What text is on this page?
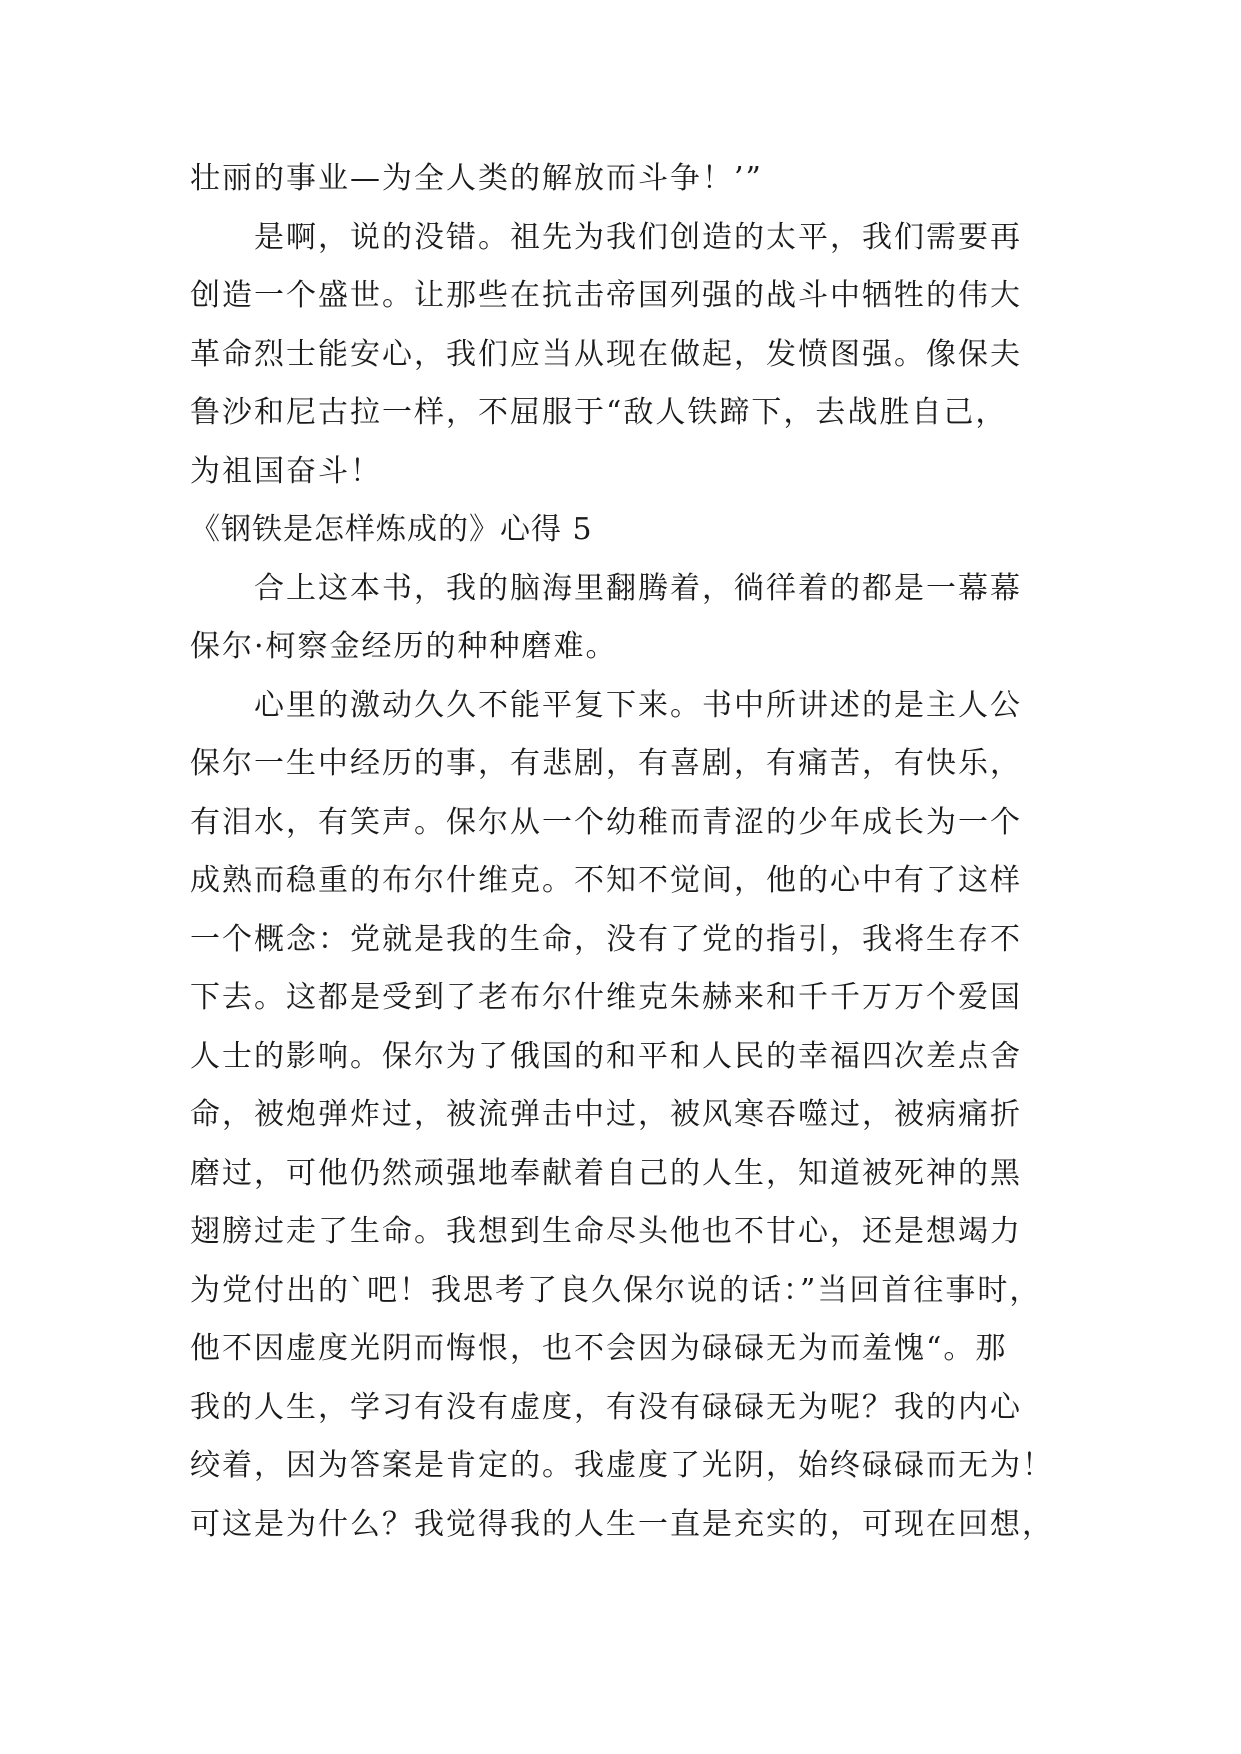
壮丽的事业—为全人类的解放而斗争！’”
是啊，说的没错。祖先为我们创造的太平，我们需要再
创造一个盛世。让那些在抗击帝国列强的战斗中牺牲的伟大
革命烈士能安心，我们应当从现在做起，发愤图强。像保夫
鲁沙和尼古拉一样，不屈服于“敌人铁蹄下，去战胜自己，
为祖国奋斗！
《钢铁是怎样炼成的》心得 5
合上这本书，我的脑海里翻腾着，徜徉着的都是一幕幕
保尔·柯察金经历的种种磨难。
心里的激动久久不能平复下来。书中所讲述的是主人公
保尔一生中经历的事，有悲剧，有喜剧，有痛苦，有快乐，
有泪水，有笑声。保尔从一个幼稚而青涩的少年成长为一个
成熟而稳重的布尔什维克。不知不觉间，他的心中有了这样
一个概念：党就是我的生命，没有了党的指引，我将生存不
下去。这都是受到了老布尔什维克朱赫来和千千万万个爱国
人士的影响。保尔为了俄国的和平和人民的幸福四次差点舍
命，被炮弹炸过，被流弹击中过，被风寒吞噬过，被病痛折
磨过，可他仍然顽强地奉献着自己的人生，知道被死神的黑
翅膀过走了生命。我想到生命尽头他也不甘心，还是想竭力
为党付出的`吧！我思考了良久保尔说的话：”当回首往事时，
他不因虚度光阴而悔恨，也不会因为碌碌无为而羞愧“。那
我的人生，学习有没有虚度，有没有碌碌无为呢？我的内心
绞着，因为答案是肯定的。我虚度了光阴，始终碌碌而无为！
可这是为什么？我觉得我的人生一直是充实的，可现在回想，
